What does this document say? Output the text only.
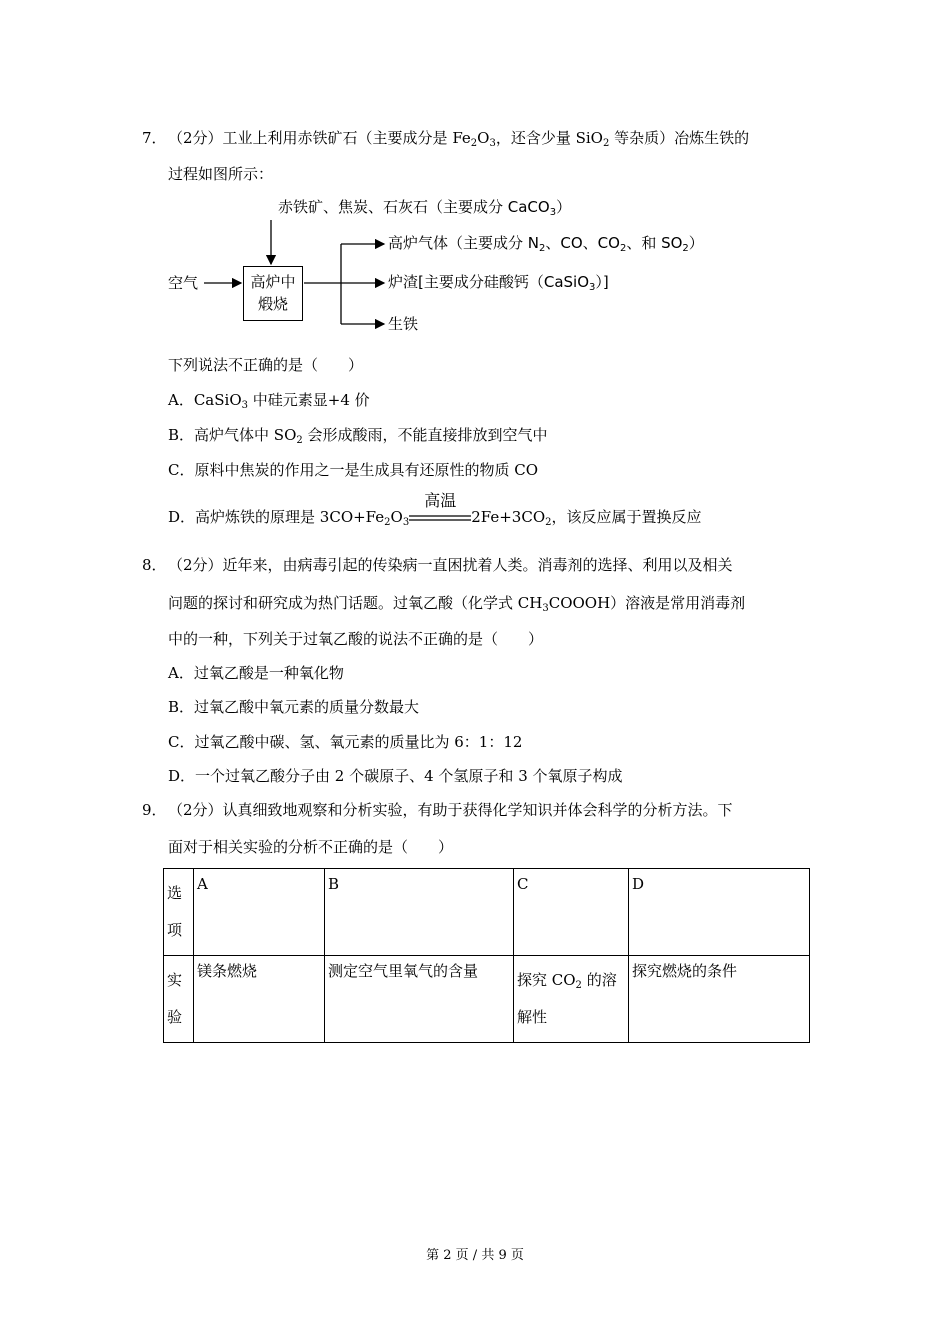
7． （2分）工业上利用赤铁矿石（主要成分是 $Fe_2O_3$，还含少量 SiO$_2$ 等杂质）冶炼生铁的
过程如图所示：
赤铁矿、焦炭、石灰石（主要成分 CaCO$_3$）
空气	高炉中
煅烧
高炉气体（主要成分 $N_2$、CO、$CO_2$、和 $SO_2$）
炉渣[主要成分硅酸钙（CaSiO$_3$）]
生铁
下列说法不正确的是（　　）
A．CaSiO$_3$ 中硅元素显+4 价
B．高炉气体中 $SO_2$ 会形成酸雨，不能直接排放到空气中
C．原料中焦炭的作用之一是生成具有还原性的物质 CO
D．高炉炼铁的原理是 $3CO+Fe_2O_3$
高温
$2Fe+3CO_2$，该反应属于置换反应
8． （2分）近年来，由病毒引起的传染病一直困扰着人类。消毒剂的选择、利用以及相关
问题的探讨和研究成为热门话题。过氧乙酸（化学式 $CH_3COOOH$）溶液是常用消毒剂
中的一种，下列关于过氧乙酸的说法不正确的是（　　）
A．过氧乙酸是一种氧化物
B．过氧乙酸中氧元素的质量分数最大
C．过氧乙酸中碳、氢、氧元素的质量比为 6：1：12
D．一个过氧乙酸分子由 2 个碳原子、4 个氢原子和 3 个氧原子构成
9． （2分）认真细致地观察和分析实验，有助于获得化学知识并体会科学的分析方法。下
面对于相关实验的分析不正确的是（　　）
选项	A	B	C	D
实验	镁条燃烧	测定空气里氧气的含量	探究 $CO_2$ 的溶解性	探究燃烧的条件
第 2 页 / 共 9 页
